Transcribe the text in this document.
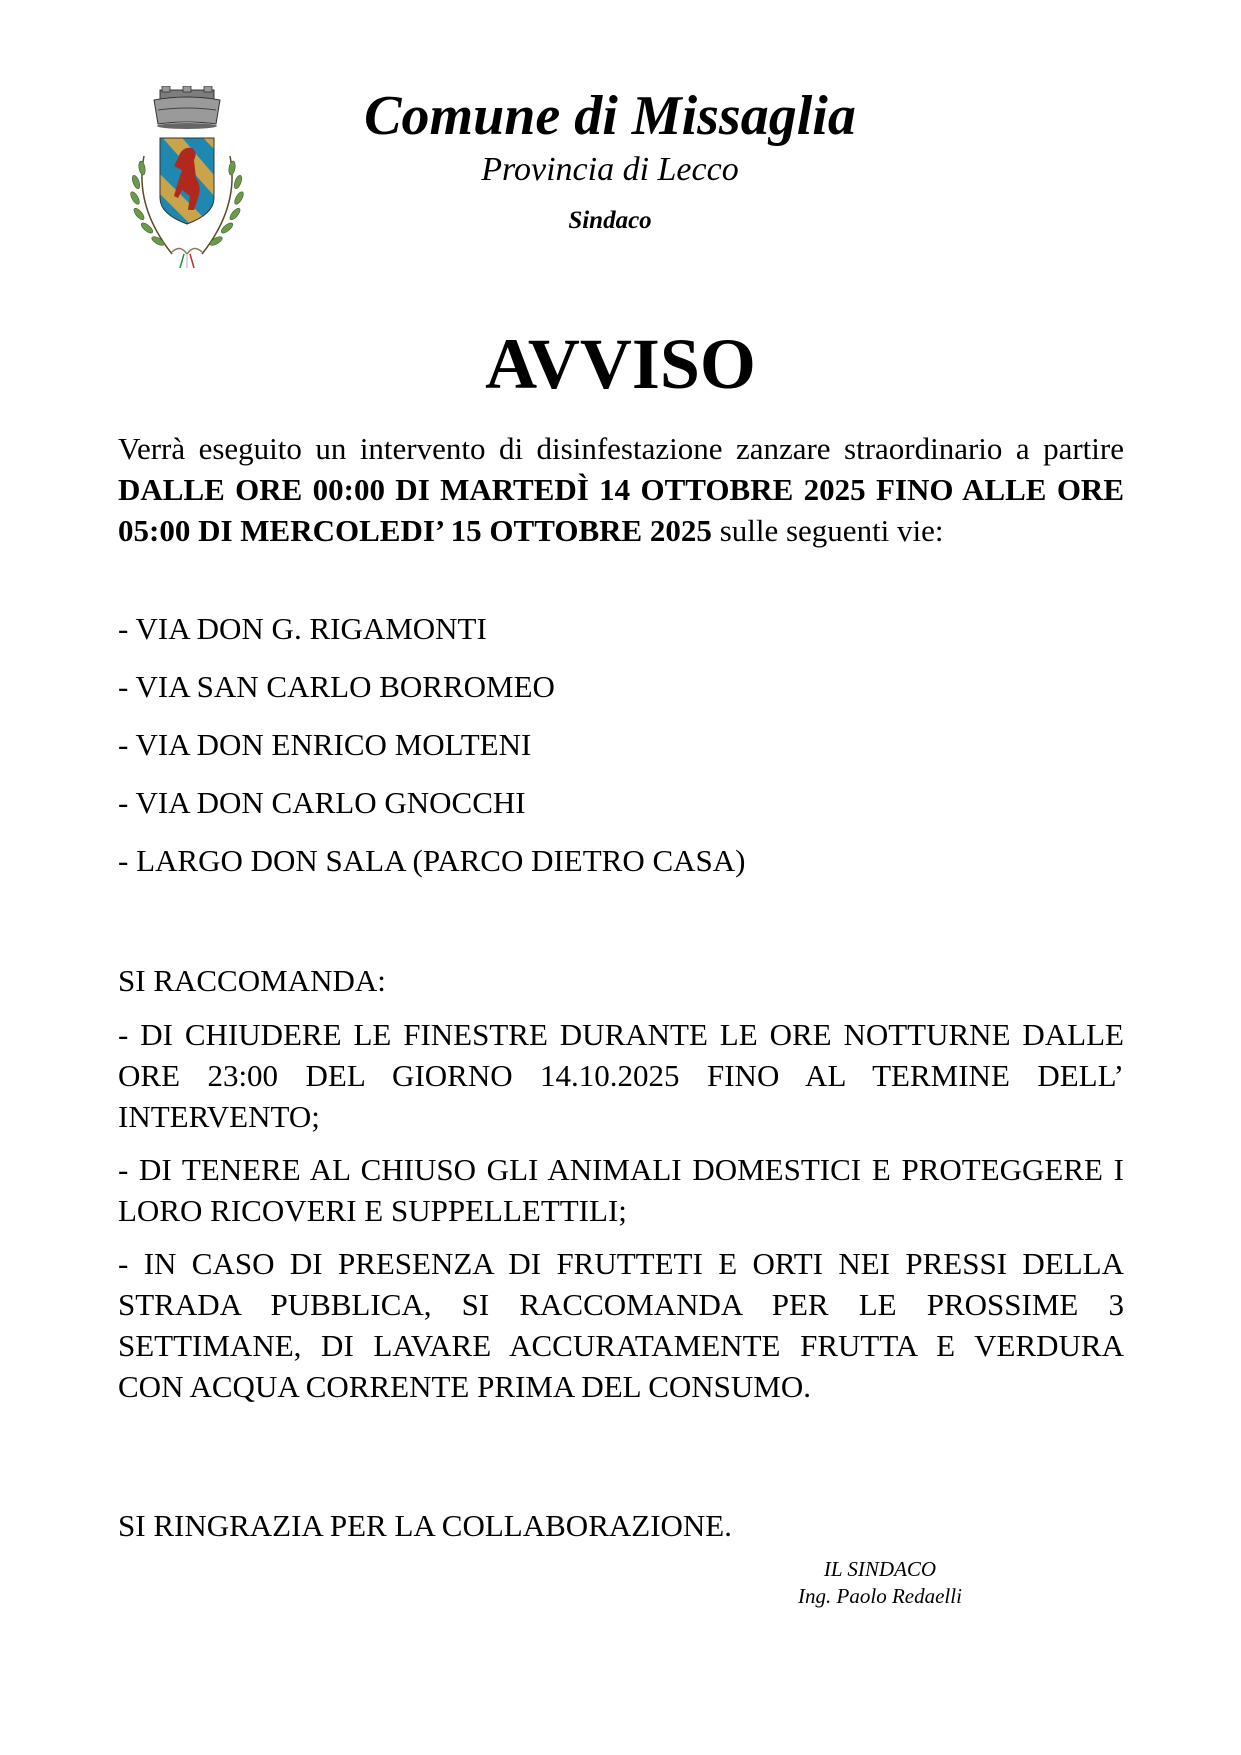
Comune di Missaglia
Provincia di Lecco
Sindaco
AVVISO
Verrà eseguito un intervento di disinfestazione zanzare straordinario a partire DALLE ORE 00:00 DI MARTEDÌ 14 OTTOBRE 2025 FINO ALLE ORE 05:00 DI MERCOLEDI’ 15 OTTOBRE 2025 sulle seguenti vie:
- VIA DON G. RIGAMONTI
- VIA SAN CARLO BORROMEO
- VIA DON ENRICO MOLTENI
- VIA DON CARLO GNOCCHI
- LARGO DON SALA (PARCO DIETRO CASA)
SI RACCOMANDA:

- DI CHIUDERE LE FINESTRE DURANTE LE ORE NOTTURNE DALLE ORE 23:00 DEL GIORNO 14.10.2025 FINO AL TERMINE DELL’ INTERVENTO;

- DI TENERE AL CHIUSO GLI ANIMALI DOMESTICI E PROTEGGERE I LORO RICOVERI E SUPPELLETTILI;

- IN CASO DI PRESENZA DI FRUTTETI E ORTI NEI PRESSI DELLA STRADA PUBBLICA, SI RACCOMANDA PER LE PROSSIME 3 SETTIMANE, DI LAVARE ACCURATAMENTE FRUTTA E VERDURA CON ACQUA CORRENTE PRIMA DEL CONSUMO.

SI RINGRAZIA PER LA COLLABORAZIONE.
IL SINDACO
Ing. Paolo Redaelli
